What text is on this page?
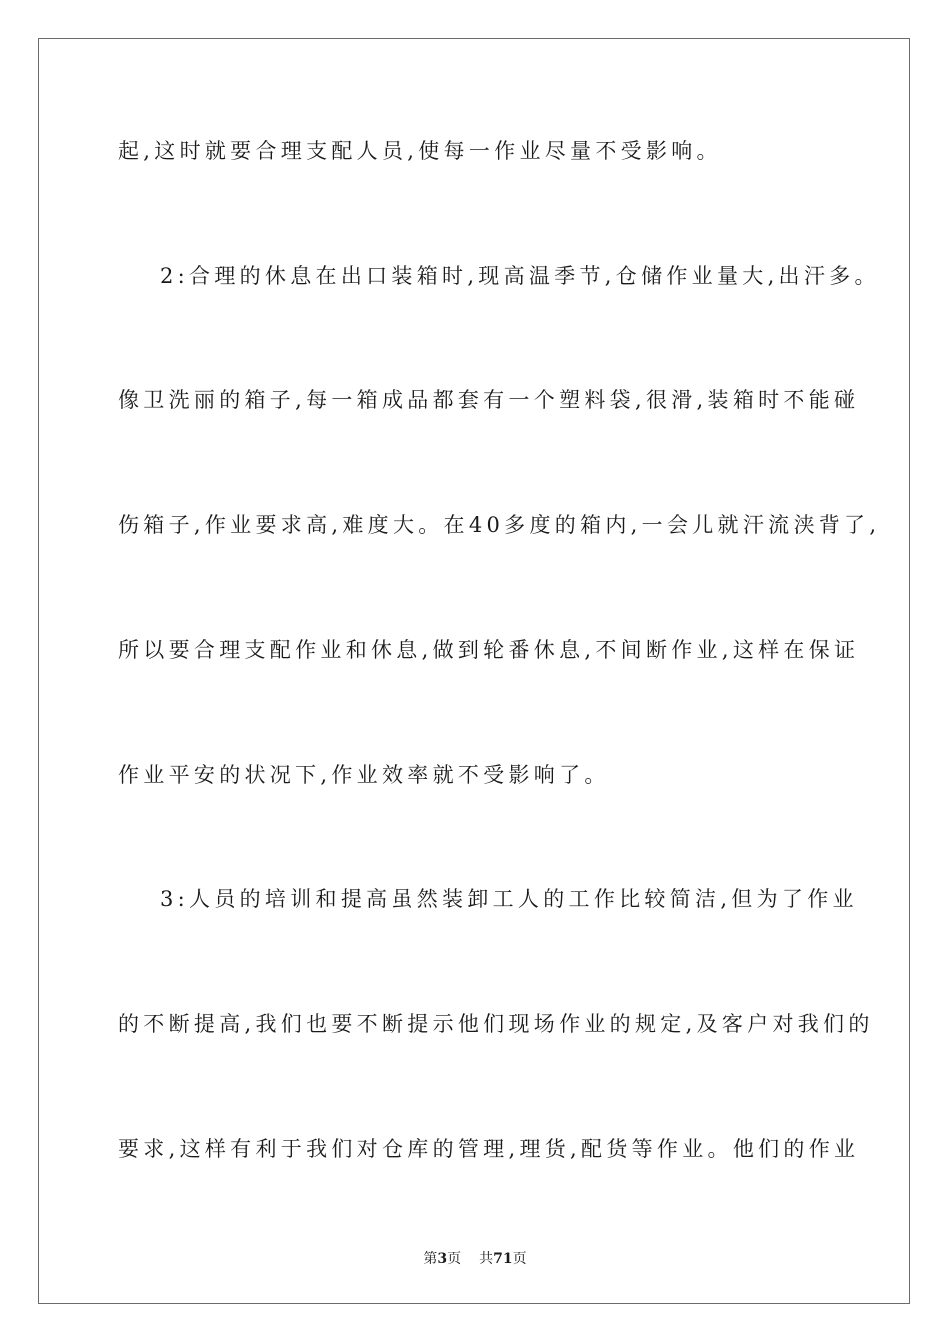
起,这时就要合理支配人员,使每一作业尽量不受影响。
2:合理的休息在出口装箱时,现高温季节,仓储作业量大,出汗多。
像卫洗丽的箱子,每一箱成品都套有一个塑料袋,很滑,装箱时不能碰
伤箱子,作业要求高,难度大。在40多度的箱内,一会儿就汗流浃背了,
所以要合理支配作业和休息,做到轮番休息,不间断作业,这样在保证
作业平安的状况下,作业效率就不受影响了。
3:人员的培训和提高虽然装卸工人的工作比较简洁,但为了作业
的不断提高,我们也要不断提示他们现场作业的规定,及客户对我们的
要求,这样有利于我们对仓库的管理,理货,配货等作业。他们的作业
第3页 共71页
